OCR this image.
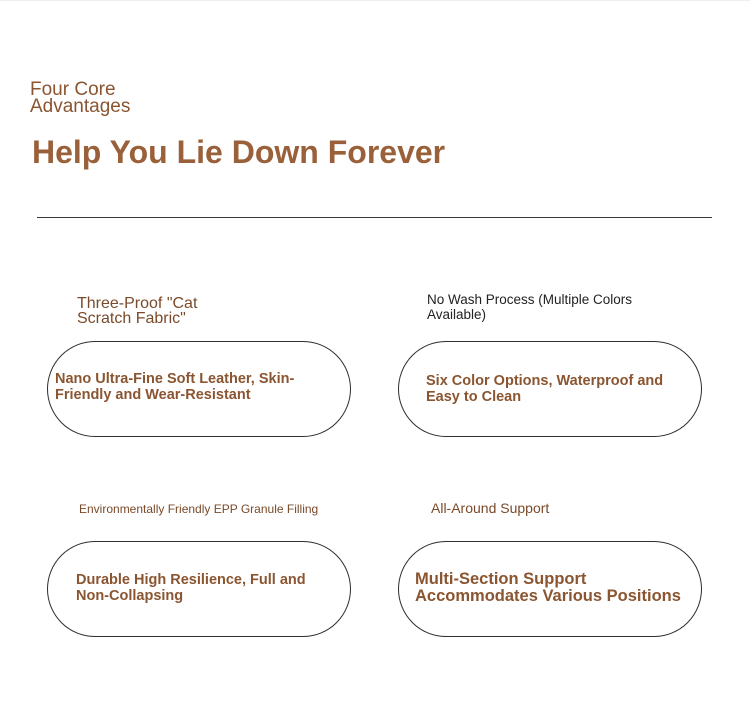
Four Core Advantages
Help You Lie Down Forever
Three-Proof "Cat Scratch Fabric"
Nano Ultra-Fine Soft Leather, Skin-Friendly and Wear-Resistant
No Wash Process (Multiple Colors Available)
Six Color Options, Waterproof and Easy to Clean
Environmentally Friendly EPP Granule Filling
Durable High Resilience, Full and Non-Collapsing
All-Around Support
Multi-Section Support Accommodates Various Positions
